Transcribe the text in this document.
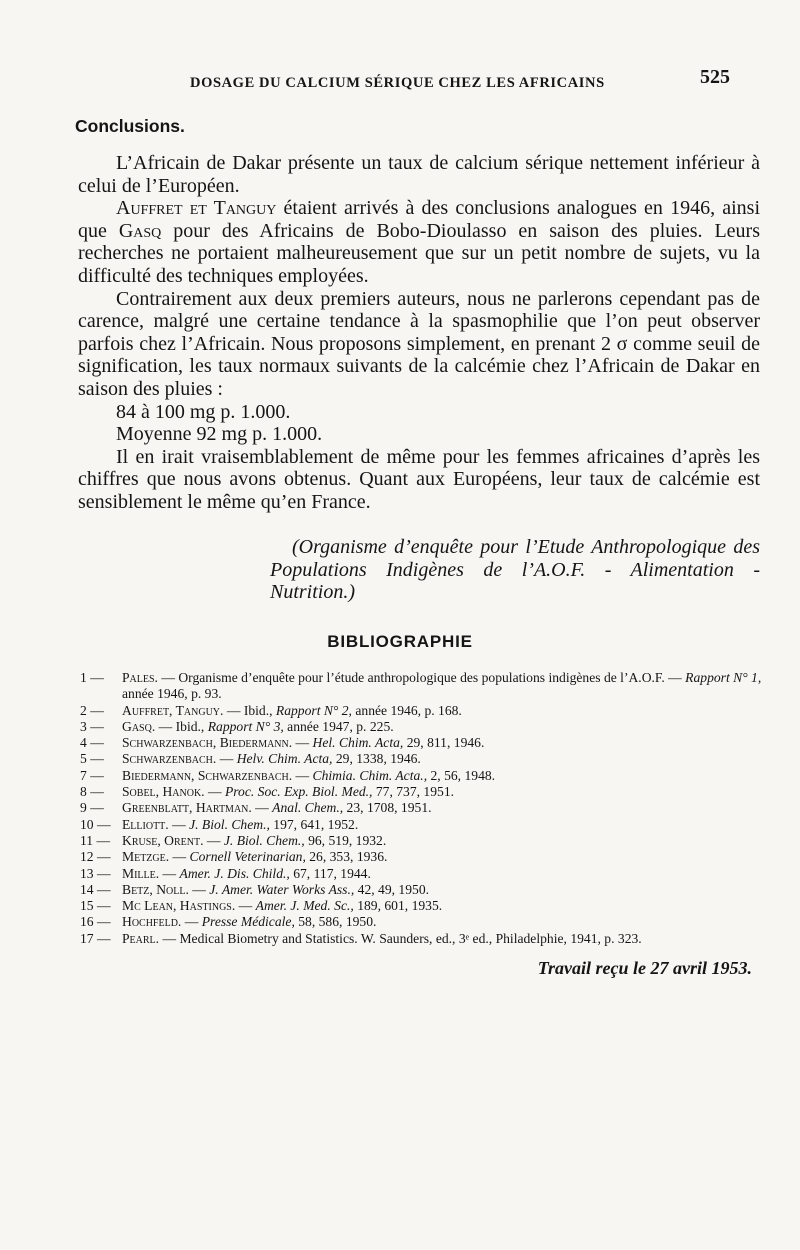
DOSAGE DU CALCIUM SÉRIQUE CHEZ LES AFRICAINS	525
Conclusions.

L’Africain de Dakar présente un taux de calcium sérique nettement inférieur à celui de l’Européen.

Auffret et Tanguy étaient arrivés à des conclusions analogues en 1946, ainsi que Gasq pour des Africains de Bobo-Dioulasso en saison des pluies. Leurs recherches ne portaient malheureusement que sur un petit nombre de sujets, vu la difficulté des techniques employées.

Contrairement aux deux premiers auteurs, nous ne parlerons cependant pas de carence, malgré une certaine tendance à la spasmophilie que l’on peut observer parfois chez l’Africain. Nous proposons simplement, en prenant 2 σ comme seuil de signification, les taux normaux suivants de la calcémie chez l’Africain de Dakar en saison des pluies :

84 à 100 mg p. 1.000.

Moyenne 92 mg p. 1.000.

Il en irait vraisemblablement de même pour les femmes africaines d’après les chiffres que nous avons obtenus. Quant aux Européens, leur taux de calcémie est sensiblement le même qu’en France.

(Organisme d’enquête pour l’Etude Anthropologique des Populations Indigènes de l’A.O.F. - Alimentation - Nutrition.)
BIBLIOGRAPHIE
1 —	Pales. — Organisme d’enquête pour l’étude anthropologique des populations indigènes de l’A.O.F. — Rapport N° 1, année 1946, p. 93.
2 —	Auffret, Tanguy. — Ibid., Rapport N° 2, année 1946, p. 168.
3 —	Gasq. — Ibid., Rapport N° 3, année 1947, p. 225.
4 —	Schwarzenbach, Biedermann. — Hel. Chim. Acta, 29, 811, 1946.
5 —	Schwarzenbach. — Helv. Chim. Acta, 29, 1338, 1946.
7 —	Biedermann, Schwarzenbach. — Chimia. Chim. Acta., 2, 56, 1948.
8 —	Sobel, Hanok. — Proc. Soc. Exp. Biol. Med., 77, 737, 1951.
9 —	Greenblatt, Hartman. — Anal. Chem., 23, 1708, 1951.
10 — Elliott. — J. Biol. Chem., 197, 641, 1952.
11 — Kruse, Orent. — J. Biol. Chem., 96, 519, 1932.
12 — Metzge. — Cornell Veterinarian, 26, 353, 1936.
13 — Mille. — Amer. J. Dis. Child., 67, 117, 1944.
14 — Betz, Noll. — J. Amer. Water Works Ass., 42, 49, 1950.
15 — Mc Lean, Hastings. — Amer. J. Med. Sc., 189, 601, 1935.
16 — Hochfeld. — Presse Médicale, 58, 586, 1950.
17 — Pearl. — Medical Biometry and Statistics. W. Saunders, ed., 3ᵉ ed., Philadelphie, 1941, p. 323.
Travail reçu le 27 avril 1953.
